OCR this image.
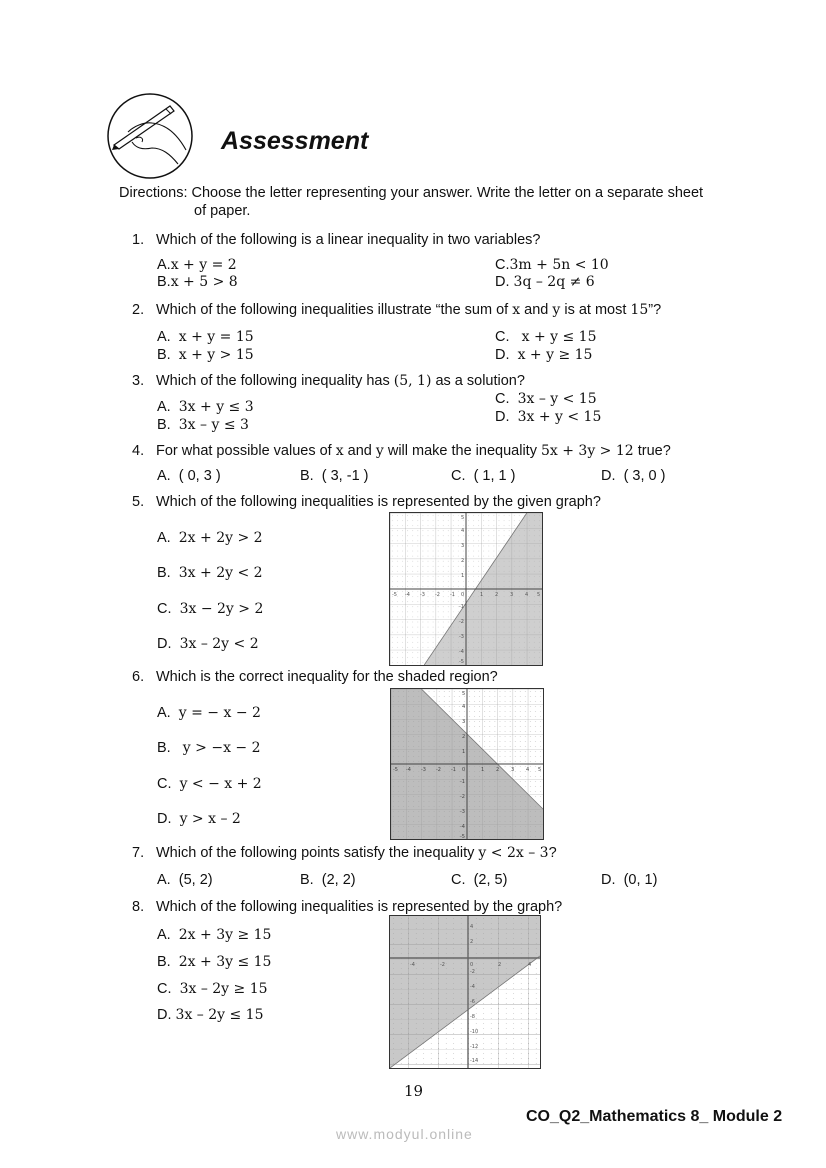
Assessment
Directions: Choose the letter representing your answer. Write the letter on a separate sheet
of paper.
1. Which of the following is a linear inequality in two variables?
A.x + y = 2
B.x + 5 > 8
C.3m + 5n < 10
D. 3q – 2q ≠ 6
2. Which of the following inequalities illustrate “the sum of x and y is at most 15”?
A. x + y = 15
B. x + y > 15
C. x + y ≤ 15
D. x + y ≥ 15
3. Which of the following inequality has (5, 1) as a solution?
A. 3x + y ≤ 3
B. 3x – y ≤ 3
C. 3x – y < 15
D. 3x + y < 15
4. For what possible values of x and y will make the inequality 5x + 3y > 12 true?
A. ( 0, 3 )	B. ( 3, -1 )	C. ( 1, 1 )	D. ( 3, 0 )
5. Which of the following inequalities is represented by the given graph?
A. 2x + 2y > 2
B. 3x + 2y < 2
C. 3x − 2y > 2
D. 3x – 2y < 2
-5 -4 -3 -2 -1 0	1 2 3 4 5
5
4
3
2
1
-1
-2
-3
-4
-5
6. Which is the correct inequality for the shaded region?
A. y = − x − 2
B. y > −x − 2
C. y < − x + 2
D. y > x – 2
-5 -4 -3 -2 -1 0	1 2 3 4 5
5
4
3
2
1
-1
-2
-3
-4
-5
7. Which of the following points satisfy the inequality y < 2x – 3?
A. (5, 2)	B. (2, 2)	C. (2, 5)	D. (0, 1)
8. Which of the following inequalities is represented by the graph?
A. 2x + 3y ≥ 15
B. 2x + 3y ≤ 15
C. 3x – 2y ≥ 15
D. 3x – 2y ≤ 15
-4	-2	0	2	4
4
2
-2
-4
-6
-8
-10
-12
-14
19
CO_Q2_Mathematics 8_ Module 2
www.modyul.online
